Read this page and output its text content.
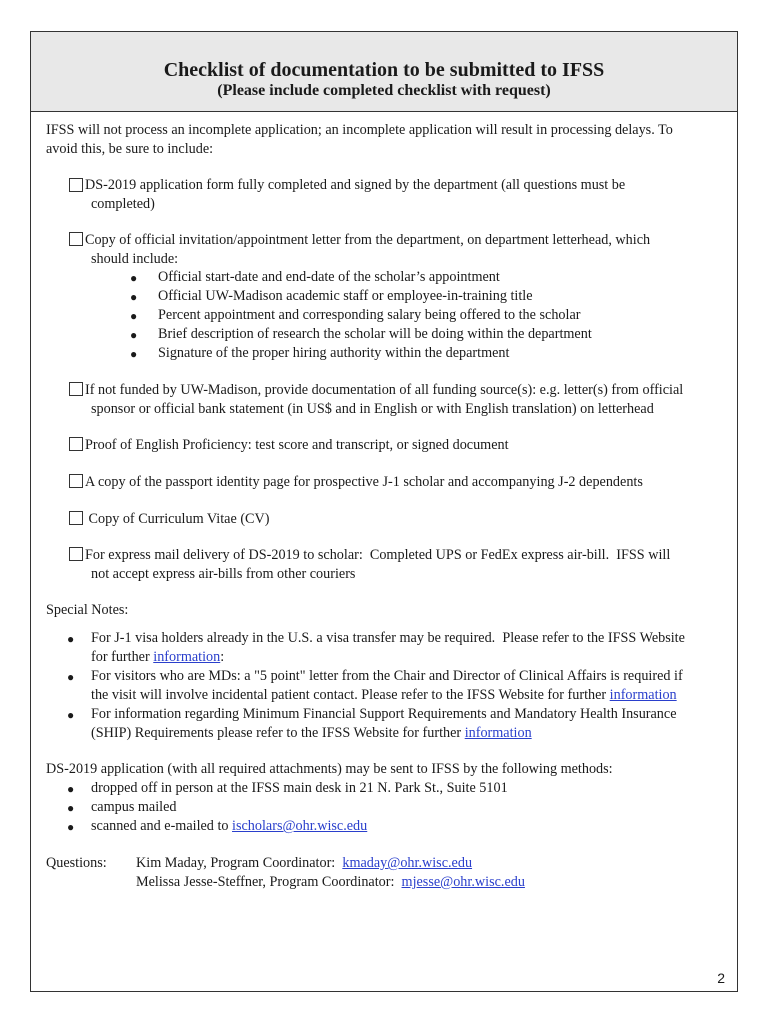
Checklist of documentation to be submitted to IFSS
(Please include completed checklist with request)
IFSS will not process an incomplete application; an incomplete application will result in processing delays. To
avoid this, be sure to include:
DS-2019 application form fully completed and signed by the department (all questions must be
completed)
Copy of official invitation/appointment letter from the department, on department letterhead, which
should include:
● Official start-date and end-date of the scholar’s appointment
● Official UW-Madison academic staff or employee-in-training title
● Percent appointment and corresponding salary being offered to the scholar
● Brief description of research the scholar will be doing within the department
● Signature of the proper hiring authority within the department
If not funded by UW-Madison, provide documentation of all funding source(s): e.g. letter(s) from official
sponsor or official bank statement (in US$ and in English or with English translation) on letterhead
Proof of English Proficiency: test score and transcript, or signed document
A copy of the passport identity page for prospective J-1 scholar and accompanying J-2 dependents
Copy of Curriculum Vitae (CV)
For express mail delivery of DS-2019 to scholar:  Completed UPS or FedEx express air-bill.  IFSS will
not accept express air-bills from other couriers
Special Notes:
● For J-1 visa holders already in the U.S. a visa transfer may be required.  Please refer to the IFSS Website
for further information:
● For visitors who are MDs: a "5 point" letter from the Chair and Director of Clinical Affairs is required if
the visit will involve incidental patient contact. Please refer to the IFSS Website for further information
● For information regarding Minimum Financial Support Requirements and Mandatory Health Insurance
(SHIP) Requirements please refer to the IFSS Website for further information
DS-2019 application (with all required attachments) may be sent to IFSS by the following methods:
● dropped off in person at the IFSS main desk in 21 N. Park St., Suite 5101
● campus mailed
● scanned and e-mailed to ischolars@ohr.wisc.edu
Questions: Kim Maday, Program Coordinator:  kmaday@ohr.wisc.edu
Melissa Jesse-Steffner, Program Coordinator:  mjesse@ohr.wisc.edu
2
